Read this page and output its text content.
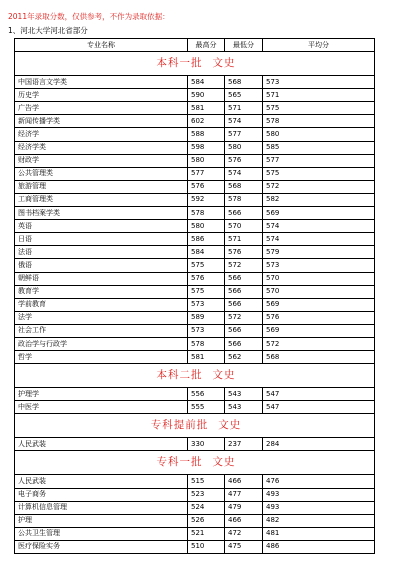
2011年录取分数，仅供参考，不作为录取依据：
1、河北大学河北省部分
专业名称	最高分	最低分	平均分
本科一批 文史			
中国语言文学类	584	568	573
历史学	590	565	571
广告学	581	571	575
新闻传播学类	602	574	578
经济学	588	577	580
经济学类	598	580	585
财政学	580	576	577
公共管理类	577	574	575
旅游管理	576	568	572
工商管理类	592	578	582
图书档案学类	578	566	569
英语	580	570	574
日语	586	571	574
法语	584	576	579
俄语	575	572	573
朝鲜语	576	566	570
教育学	575	566	570
学前教育	573	566	569
法学	589	572	576
社会工作	573	566	569
政治学与行政学	578	566	572
哲学	581	562	568
本科二批 文史			
护理学	556	543	547
中医学	555	543	547
专科提前批 文史			
人民武装	330	237	284
专科一批 文史			
人民武装	515	466	476
电子商务	523	477	493
计算机信息管理	524	479	493
护理	526	466	482
公共卫生管理	521	472	481
医疗保险实务	510	475	486
